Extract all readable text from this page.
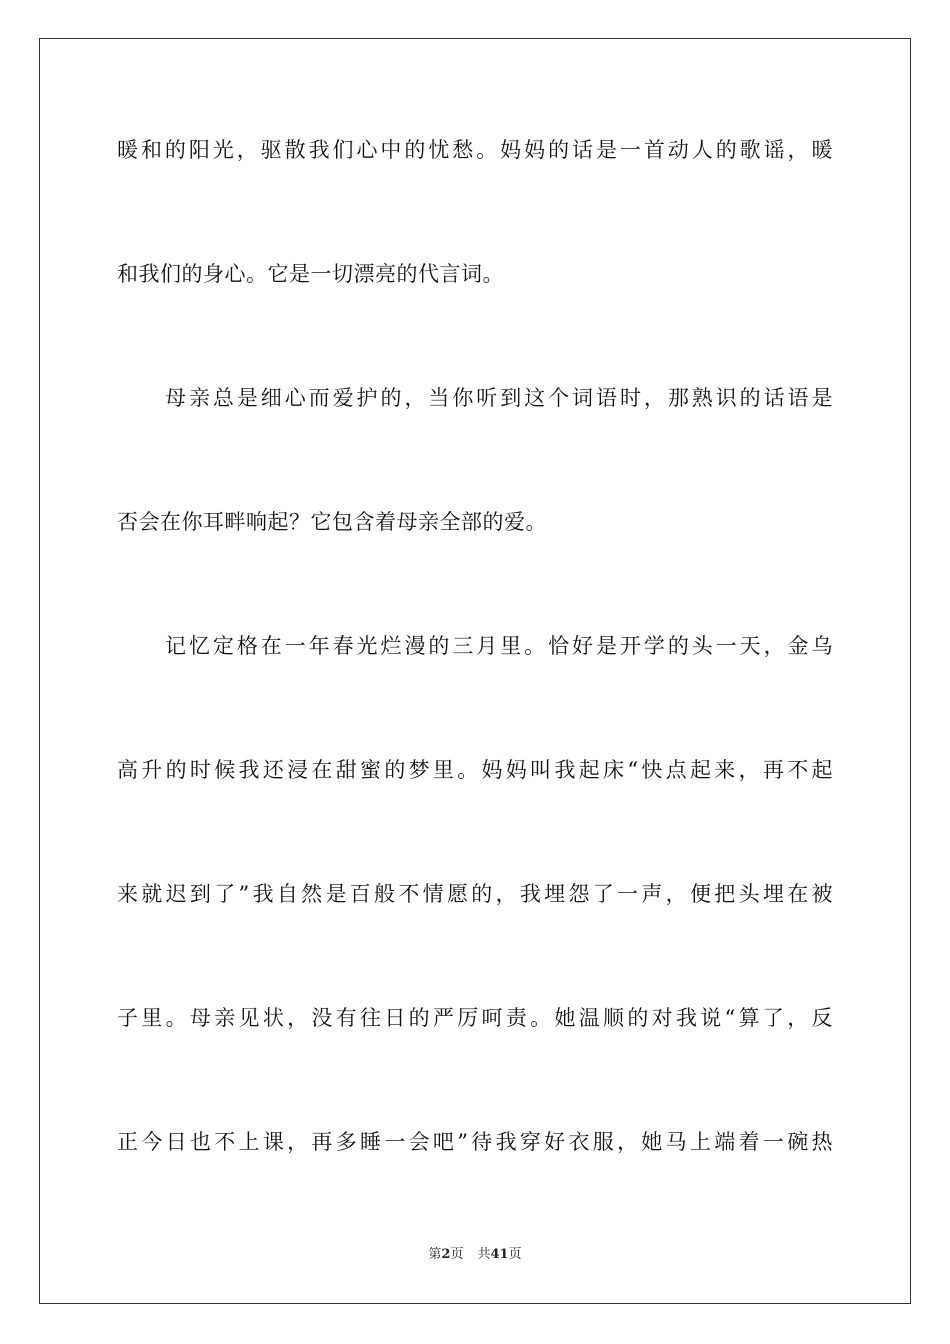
暖和的阳光，驱散我们心中的忧愁。妈妈的话是一首动人的歌谣，暖
和我们的身心。它是一切漂亮的代言词。
母亲总是细心而爱护的，当你听到这个词语时，那熟识的话语是
否会在你耳畔响起？它包含着母亲全部的爱。
记忆定格在一年春光烂漫的三月里。恰好是开学的头一天，金乌
高升的时候我还浸在甜蜜的梦里。妈妈叫我起床“快点起来，再不起
来就迟到了”我自然是百般不情愿的，我埋怨了一声，便把头埋在被
子里。母亲见状，没有往日的严厉呵责。她温顺的对我说“算了，反
正今日也不上课，再多睡一会吧”待我穿好衣服，她马上端着一碗热
第2页 共41页
